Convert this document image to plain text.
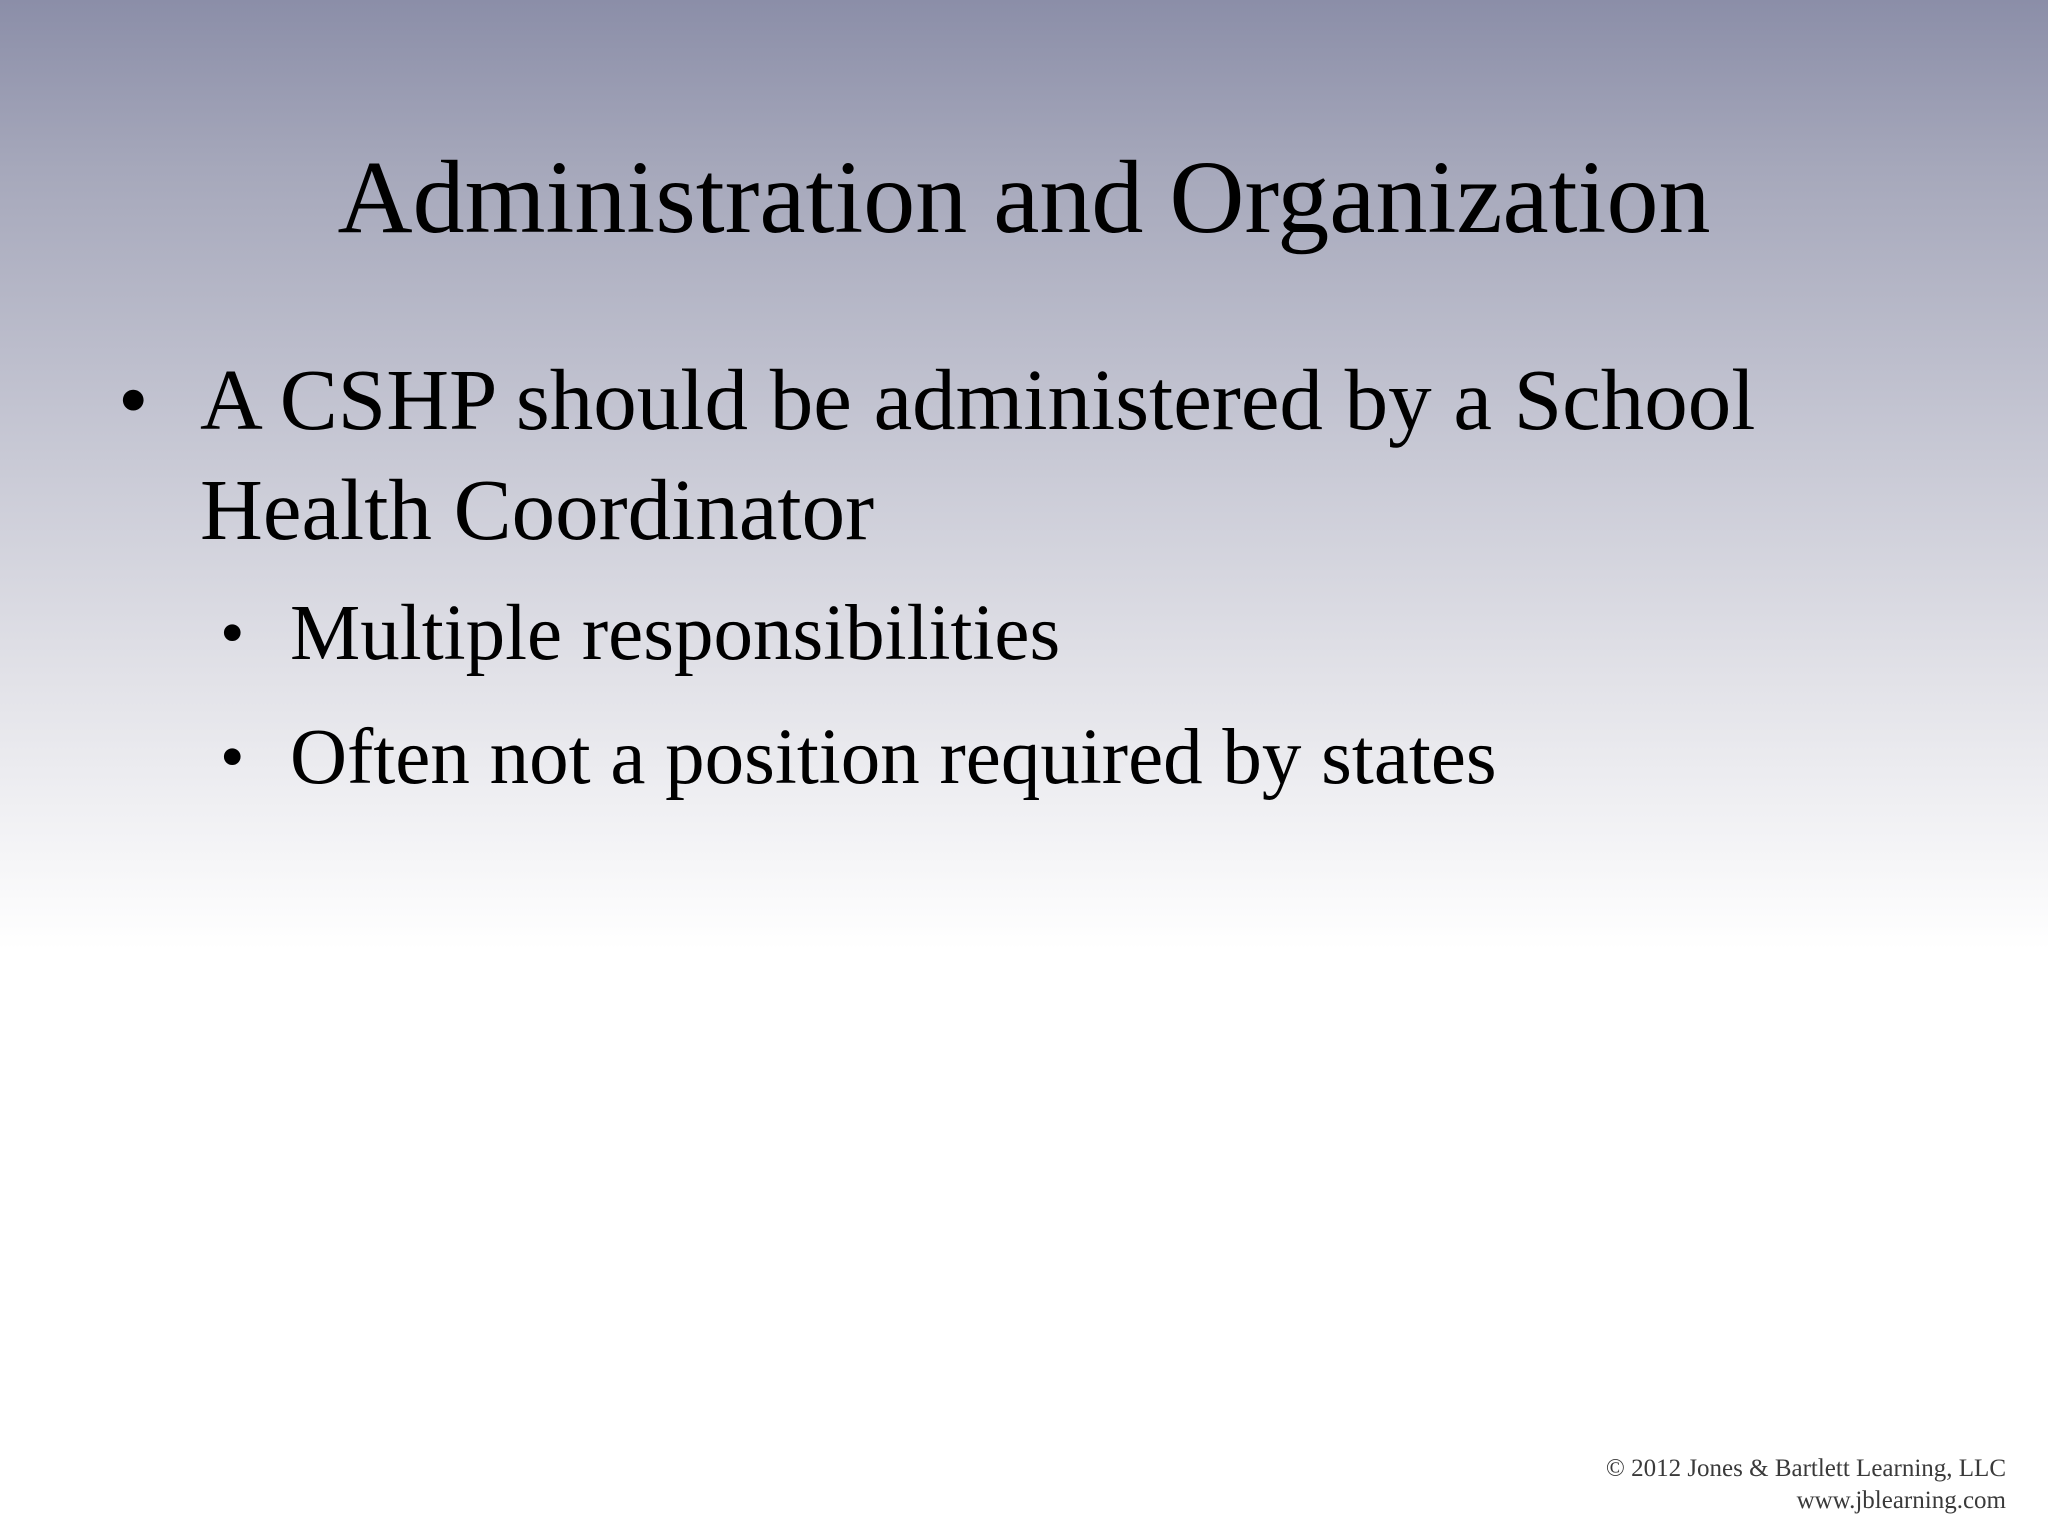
Administration and Organization
• A CSHP should be administered by a School Health Coordinator
• Multiple responsibilities
• Often not a position required by states
© 2012 Jones & Bartlett Learning, LLC
www.jblearning.com
